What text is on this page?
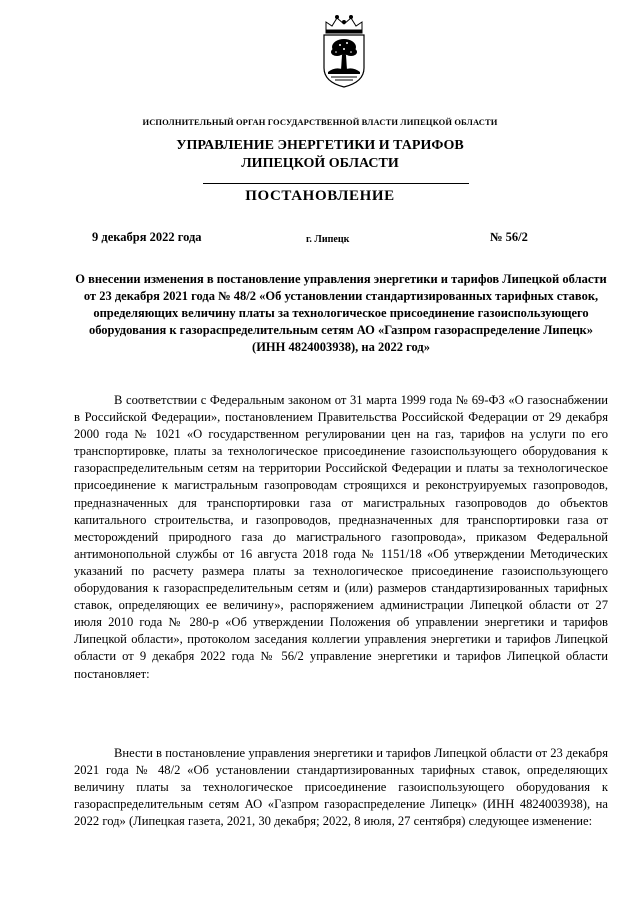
ИСПОЛНИТЕЛЬНЫЙ ОРГАН ГОСУДАРСТВЕННОЙ ВЛАСТИ ЛИПЕЦКОЙ ОБЛАСТИ
УПРАВЛЕНИЕ ЭНЕРГЕТИКИ И ТАРИФОВ
ЛИПЕЦКОЙ ОБЛАСТИ
ПОСТАНОВЛЕНИЕ
9 декабря 2022 года	г. Липецк	№ 56/2
О внесении изменения в постановление управления энергетики и тарифов Липецкой области от 23 декабря 2021 года № 48/2 «Об установлении стандартизированных тарифных ставок, определяющих величину платы за технологическое присоединение газоиспользующего оборудования к газораспределительным сетям АО «Газпром газораспределение Липецк» (ИНН 4824003938), на 2022 год»

В соответствии с Федеральным законом от 31 марта 1999 года № 69-ФЗ «О газоснабжении в Российской Федерации», постановлением Правительства Российской Федерации от 29 декабря 2000 года № 1021 «О государственном регулировании цен на газ, тарифов на услуги по его транспортировке, платы за технологическое присоединение газоиспользующего оборудования к газораспределительным сетям на территории Российской Федерации и платы за технологическое присоединение к магистральным газопроводам строящихся и реконструируемых газопроводов, предназначенных для транспортировки газа от магистральных газопроводов до объектов капитального строительства, и газопроводов, предназначенных для транспортировки газа от месторождений природного газа до магистрального газопровода», приказом Федеральной антимонопольной службы от 16 августа 2018 года № 1151/18 «Об утверждении Методических указаний по расчету размера платы за технологическое присоединение газоиспользующего оборудования к газораспределительным сетям и (или) размеров стандартизированных тарифных ставок, определяющих ее величину», распоряжением администрации Липецкой области от 27 июля 2010 года № 280-р «Об утверждении Положения об управлении энергетики и тарифов Липецкой области», протоколом заседания коллегии управления энергетики и тарифов Липецкой области от 9 декабря 2022 года № 56/2 управление энергетики и тарифов Липецкой области постановляет:

Внести в постановление управления энергетики и тарифов Липецкой области от 23 декабря 2021 года № 48/2 «Об установлении стандартизированных тарифных ставок, определяющих величину платы за технологическое присоединение газоиспользующего оборудования к газораспределительным сетям АО «Газпром газораспределение Липецк» (ИНН 4824003938), на 2022 год» (Липецкая газета, 2021, 30 декабря; 2022, 8 июля, 27 сентября) следующее изменение:
